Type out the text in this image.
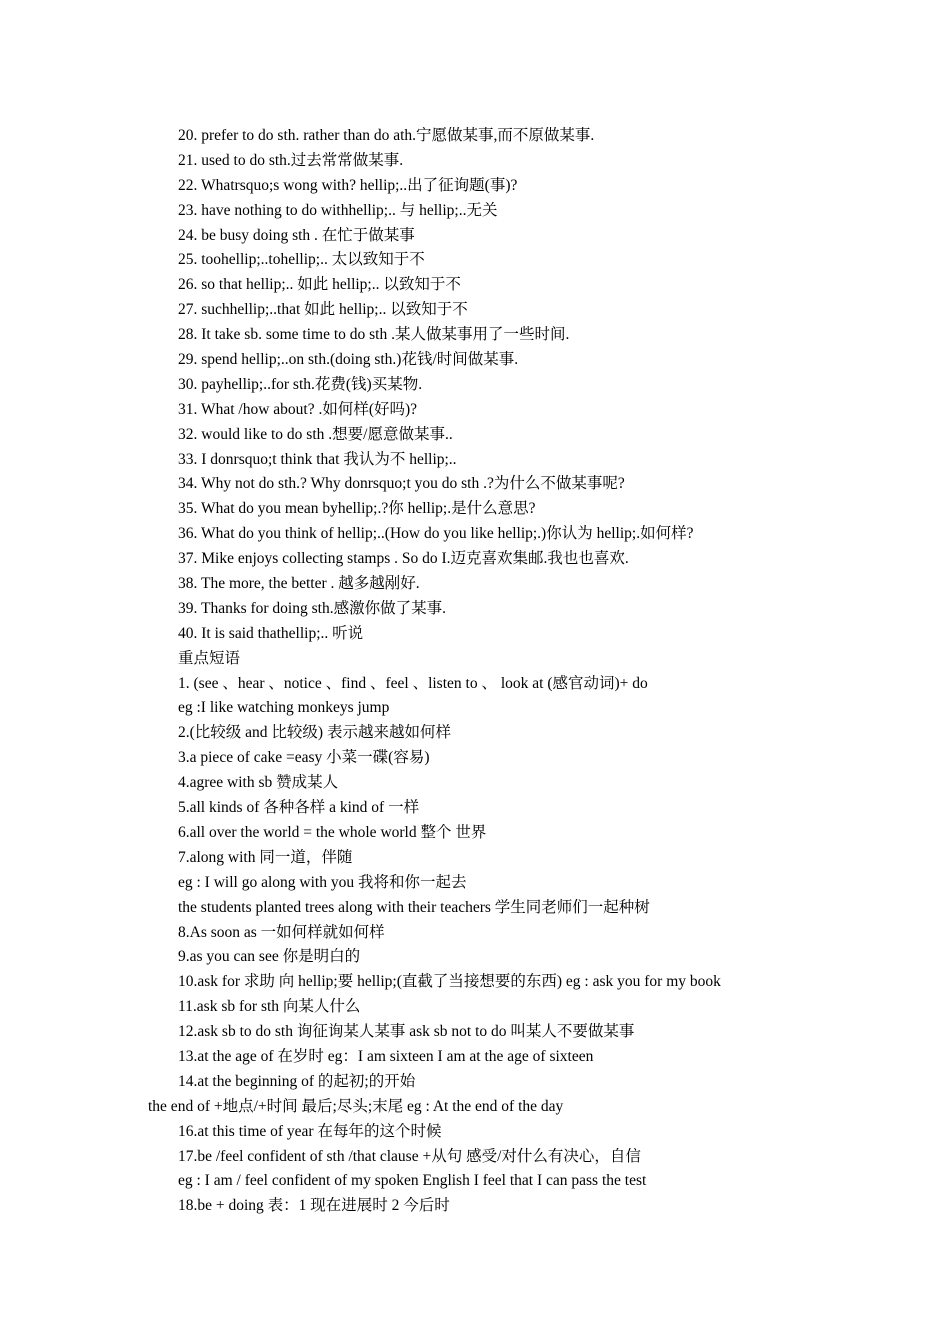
20. prefer to do sth. rather than do ath.宁愿做某事,而不原做某事.
21. used to do sth.过去常常做某事.
22. Whatrsquo;s wong with? hellip;..出了征询题(事)?
23. have nothing to do withhellip;.. 与 hellip;..无关
24. be busy doing sth . 在忙于做某事
25. toohellip;..tohellip;.. 太以致知于不
26. so that hellip;.. 如此 hellip;.. 以致知于不
27. suchhellip;..that 如此 hellip;.. 以致知于不
28. It take sb. some time to do sth .某人做某事用了一些时间.
29. spend hellip;..on sth.(doing sth.)花钱/时间做某事.
30. payhellip;..for sth.花费(钱)买某物.
31. What /how about? .如何样(好吗)?
32. would like to do sth .想要/愿意做某事..
33. I donrsquo;t think that 我认为不 hellip;..
34. Why not do sth.? Why donrsquo;t you do sth .?为什么不做某事呢?
35. What do you mean byhellip;.?你 hellip;.是什么意思?
36. What do you think of hellip;..(How do you like hellip;.)你认为 hellip;.如何样?
37. Mike enjoys collecting stamps . So do I.迈克喜欢集邮.我也也喜欢.
38. The more, the better . 越多越剐好.
39. Thanks for doing sth.感激你做了某事.
40. It is said thathellip;.. 听说
重点短语
1. (see 、hear 、notice 、find 、feel 、listen to 、 look at (感官动词)+ do
eg :I like watching monkeys jump
2.(比较级 and 比较级) 表示越来越如何样
3.a piece of cake =easy 小菜一碟(容易)
4.agree with sb 赞成某人
5.all kinds of 各种各样 a kind of 一样
6.all over the world = the whole world 整个 世界
7.along with 同一道，伴随
eg : I will go along with you 我将和你一起去
the students planted trees along with their teachers 学生同老师们一起种树
8.As soon as 一如何样就如何样
9.as you can see 你是明白的
10.ask for 求助 向 hellip;要 hellip;(直截了当接想要的东西) eg : ask you for my book
11.ask sb for sth 向某人什么
12.ask sb to do sth 询征询某人某事 ask sb not to do 叫某人不要做某事
13.at the age of 在岁时 eg：I am sixteen I am at the age of sixteen
14.at the beginning of 的起初;的开始
the end of +地点/+时间 最后;尽头;末尾 eg : At the end of the day
16.at this time of year 在每年的这个时候
17.be /feel confident of sth /that clause +从句 感受/对什么有决心，自信
eg : I am / feel confident of my spoken English I feel that I can pass the test
18.be + doing 表：1 现在进展时 2 今后时
